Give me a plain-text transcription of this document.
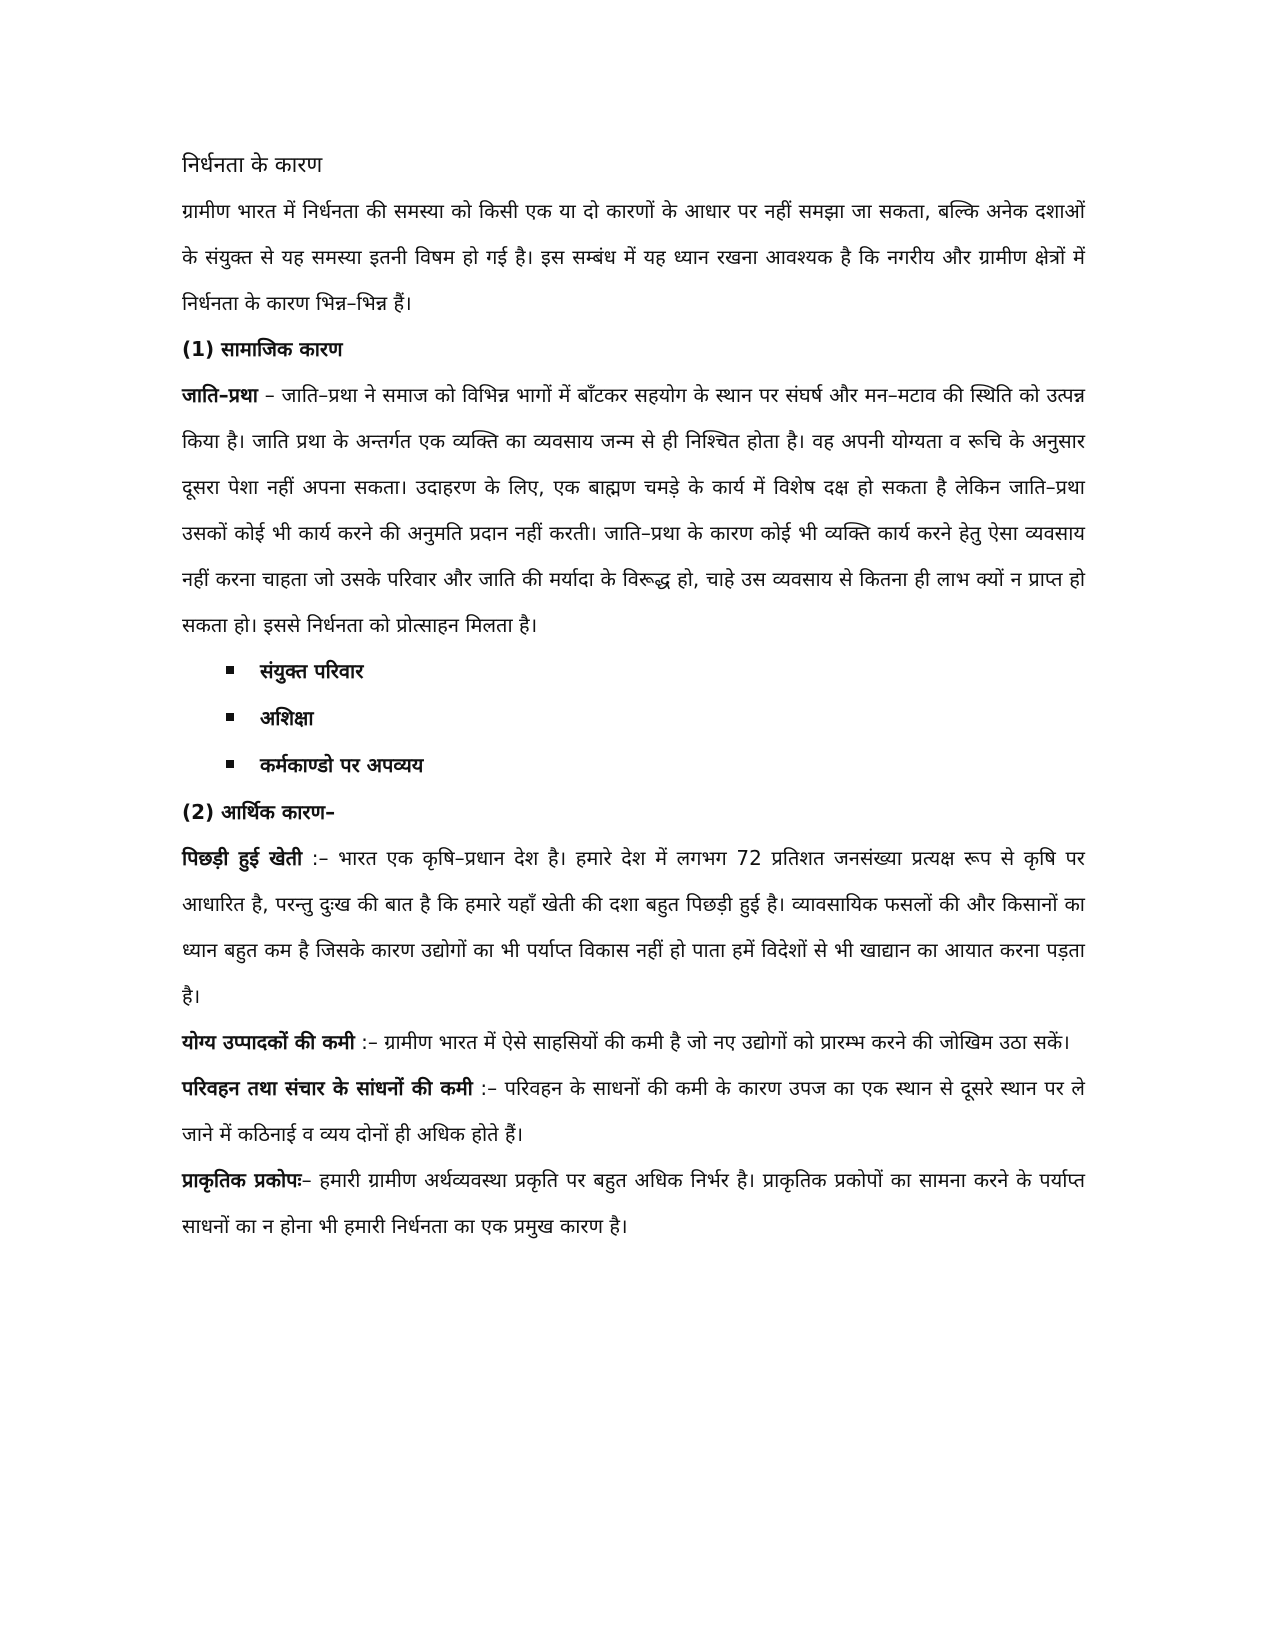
निर्धनता के कारण

ग्रामीण भारत में निर्धनता की समस्या को किसी एक या दो कारणों के आधार पर नहीं समझा जा सकता, बल्कि अनेक दशाओं के संयुक्त से यह समस्या इतनी विषम हो गई है। इस सम्बंध में यह ध्यान रखना आवश्यक है कि नगरीय और ग्रामीण क्षेत्रों में निर्धनता के कारण भिन्न–भिन्न हैं।

(1) सामाजिक कारण

जाति–प्रथा – जाति–प्रथा ने समाज को विभिन्न भागों में बाँटकर सहयोग के स्थान पर संघर्ष और मन–मटाव की स्थिति को उत्पन्न किया है। जाति प्रथा के अन्तर्गत एक व्यक्ति का व्यवसाय जन्म से ही निश्चित होता है। वह अपनी योग्यता व रूचि के अनुसार दूसरा पेशा नहीं अपना सकता। उदाहरण के लिए, एक बाह्मण चमड़े के कार्य में विशेष दक्ष हो सकता है लेकिन जाति–प्रथा उसकों कोई भी कार्य करने की अनुमति प्रदान नहीं करती। जाति–प्रथा के कारण कोई भी व्यक्ति कार्य करने हेतु ऐसा व्यवसाय नहीं करना चाहता जो उसके परिवार और जाति की मर्यादा के विरूद्ध हो, चाहे उस व्यवसाय से कितना ही लाभ क्यों न प्राप्त हो सकता हो। इससे निर्धनता को प्रोत्साहन मिलता है।

संयुक्त परिवार
अशिक्षा
कर्मकाण्डो पर अपव्यय
(2) आर्थिक कारण–

पिछड़ी हुई खेती :– भारत एक कृषि–प्रधान देश है। हमारे देश में लगभग 72 प्रतिशत जनसंख्या प्रत्यक्ष रूप से कृषि पर आधारित है, परन्तु दुःख की बात है कि हमारे यहाँ खेती की दशा बहुत पिछड़ी हुई है। व्यावसायिक फसलों की और किसानों का ध्यान बहुत कम है जिसके कारण उद्योगों का भी पर्याप्त विकास नहीं हो पाता हमें विदेशों से भी खाद्यान का आयात करना पड़ता है।

योग्य उप्पादकों की कमी :– ग्रामीण भारत में ऐसे साहसियों की कमी है जो नए उद्योगों को प्रारम्भ करने की जोखिम उठा सकें।

परिवहन तथा संचार के सांधनों की कमी :– परिवहन के साधनों की कमी के कारण उपज का एक स्थान से दूसरे स्थान पर ले जाने में कठिनाई व व्यय दोनों ही अधिक होते हैं।

प्राकृतिक प्रकोपः– हमारी ग्रामीण अर्थव्यवस्था प्रकृति पर बहुत अधिक निर्भर है। प्राकृतिक प्रकोपों का सामना करने के पर्याप्त साधनों का न होना भी हमारी निर्धनता का एक प्रमुख कारण है।
